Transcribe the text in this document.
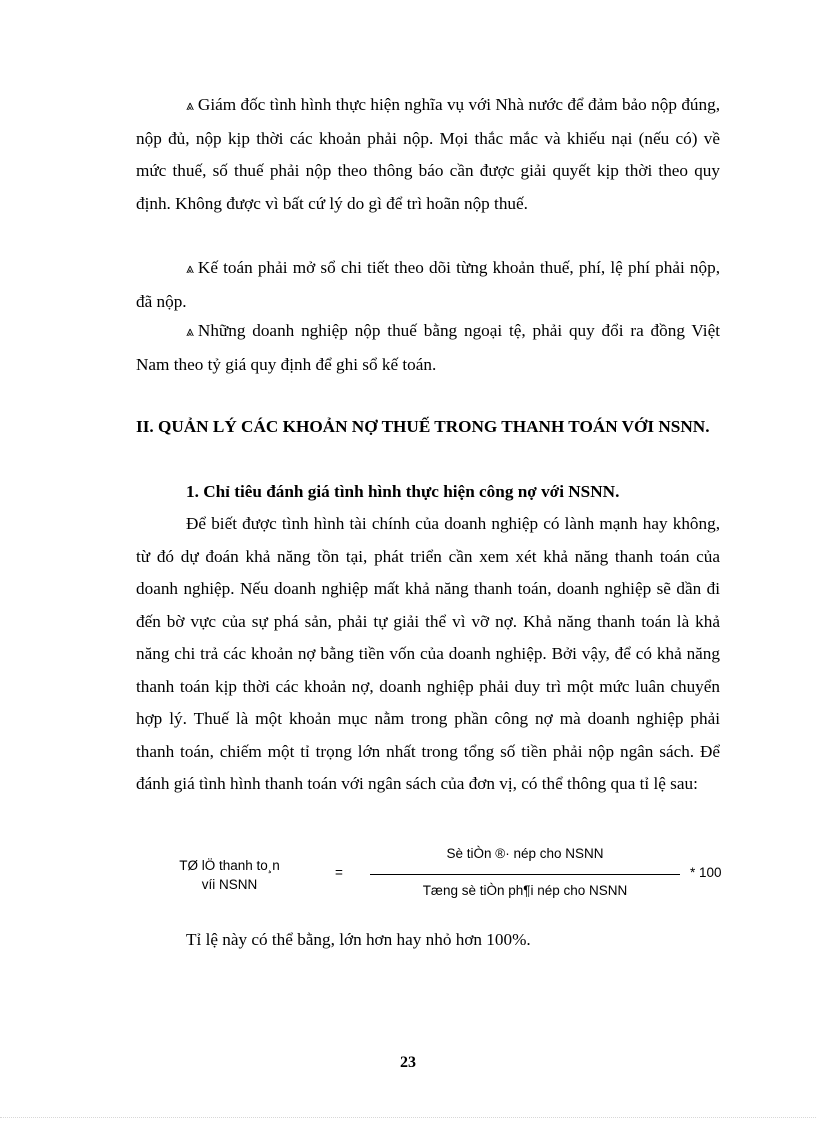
⩓ Giám đốc tình hình thực hiện nghĩa vụ với Nhà nước để đảm bảo nộp đúng, nộp đủ, nộp kịp thời các khoản phải nộp. Mọi thắc mắc và khiếu nại (nếu có) về mức thuế, số thuế phải nộp theo thông báo cần được giải quyết kịp thời theo quy định. Không được vì bất cứ lý do gì để trì hoãn nộp thuế.
⩓ Kế toán phải mở sổ chi tiết theo dõi từng khoản thuế, phí, lệ phí phải nộp, đã nộp.
⩓ Những doanh nghiệp nộp thuế bằng ngoại tệ, phải quy đổi ra đồng Việt Nam theo tỷ giá quy định để ghi sổ kế toán.
II. QUẢN LÝ CÁC KHOẢN NỢ THUẾ TRONG THANH TOÁN VỚI NSNN.
1. Chỉ tiêu đánh giá tình hình thực hiện công nợ với NSNN.
Để biết được tình hình tài chính của doanh nghiệp có lành mạnh hay không, từ đó dự đoán khả năng tồn tại, phát triển cần xem xét khả năng thanh toán của doanh nghiệp. Nếu doanh nghiệp mất khả năng thanh toán, doanh nghiệp sẽ dần đi đến bờ vực của sự phá sản, phải tự giải thể vì vỡ nợ. Khả năng thanh toán là khả năng chi trả các khoản nợ bằng tiền vốn của doanh nghiệp. Bởi vậy, để có khả năng thanh toán kịp thời các khoản nợ, doanh nghiệp phải duy trì một mức luân chuyển hợp lý. Thuế là một khoản mục nằm trong phần công nợ mà doanh nghiệp phải thanh toán, chiếm một tỉ trọng lớn nhất trong tổng số tiền phải nộp ngân sách. Để đánh giá tình hình thanh toán với ngân sách của đơn vị, có thể thông qua tỉ lệ sau:
TØ lÖ thanh to¸n
víi NSNN
=
Sè tiÒn ®· nép cho NSNN
Tæng sè tiÒn ph¶i nép cho NSNN
* 100
Tỉ lệ này có thể bằng, lớn hơn hay nhỏ hơn 100%.
23
